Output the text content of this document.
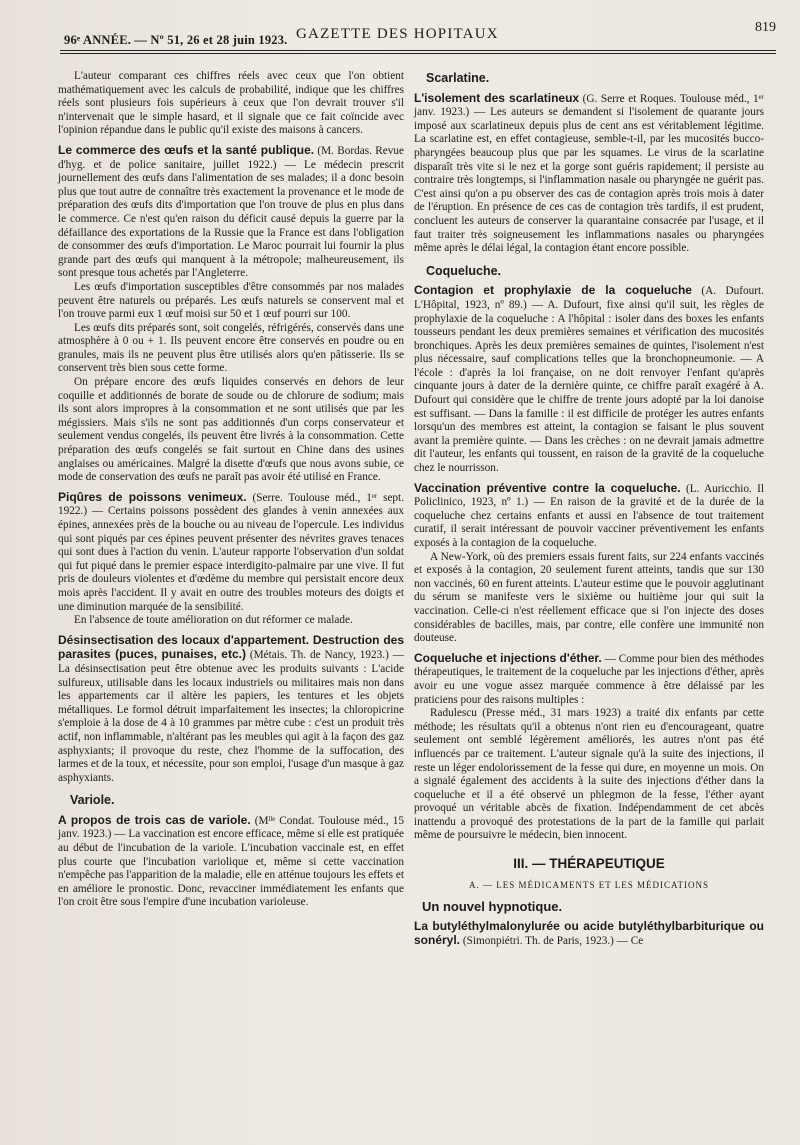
96ᵉ ANNÉE. — Nº 51, 26 et 28 juin 1923. GAZETTE DES HOPITAUX	819

L'auteur comparant ces chiffres réels avec ceux que l'on obtient mathématiquement avec les calculs de probabilité, indique que les chiffres réels sont plusieurs fois supérieurs à ceux que l'on devrait trouver s'il n'intervenait que le simple hasard, et il signale que ce fait coïncide avec l'opinion répandue dans le public qu'il existe des maisons à cancers.

Le commerce des œufs et la santé publique. (M. Bordas. Revue d'hyg. et de police sanitaire, juillet 1922.) — Le médecin prescrit journellement des œufs dans l'alimentation de ses malades; il a donc besoin plus que tout autre de connaître très exactement la provenance et le mode de préparation des œufs dits d'importation que l'on trouve de plus en plus dans le commerce. Ce n'est qu'en raison du déficit causé depuis la guerre par la défaillance des exportations de la Russie que la France est dans l'obligation de consommer des œufs d'importation. Le Maroc pourrait lui fournir la plus grande part des œufs qui manquent à la métropole; malheureusement, ils sont presque tous achetés par l'Angleterre.

Les œufs d'importation susceptibles d'être consommés par nos malades peuvent être naturels ou préparés. Les œufs naturels se conservent mal et l'on trouve parmi eux 1 œuf moisi sur 50 et 1 œuf pourri sur 100.

Les œufs dits préparés sont, soit congelés, réfrigérés, conservés dans une atmosphère à 0 ou + 1. Ils peuvent encore être conservés en poudre ou en granules, mais ils ne peuvent plus être utilisés alors qu'en pâtisserie. Ils se conservent très bien sous cette forme.

On prépare encore des œufs liquides conservés en dehors de leur coquille et additionnés de borate de soude ou de chlorure de sodium; mais ils sont alors impropres à la consommation et ne sont utilisés que par les mégissiers. Mais s'ils ne sont pas additionnés d'un corps conservateur et seulement vendus congelés, ils peuvent être livrés à la consommation. Cette préparation des œufs congelés se fait surtout en Chine dans des usines anglaises ou américaines. Malgré la disette d'œufs que nous avons subie, ce mode de conservation des œufs ne paraît pas avoir été utilisé en France.

Piqûres de poissons venimeux. (Serre. Toulouse méd., 1ᵉʳ sept. 1922.) — Certains poissons possèdent des glandes à venin annexées aux épines, annexées près de la bouche ou au niveau de l'opercule. Les individus qui sont piqués par ces épines peuvent présenter des névrites graves tenaces qui sont dues à l'action du venin. L'auteur rapporte l'observation d'un soldat qui fut piqué dans le premier espace interdigito-palmaire par une vive. Il fut pris de douleurs violentes et d'œdème du membre qui persistait encore deux mois après l'accident. Il y avait en outre des troubles moteurs des doigts et une diminution marquée de la sensibilité.

En l'absence de toute amélioration on dut réformer ce malade.

Désinsectisation des locaux d'appartement. Destruction des parasites (puces, punaises, etc.) (Métais. Th. de Nancy, 1923.) — La désinsectisation peut être obtenue avec les produits suivants : L'acide sulfureux, utilisable dans les locaux industriels ou militaires mais non dans les appartements car il altère les papiers, les tentures et les objets métalliques. Le formol détruit imparfaitement les insectes; la chloropicrine s'emploie à la dose de 4 à 10 grammes par mètre cube : c'est un produit très actif, non inflammable, n'altérant pas les meubles qui agit à la façon des gaz asphyxiants; il provoque du reste, chez l'homme de la suffocation, des larmes et de la toux, et nécessite, pour son emploi, l'usage d'un masque à gaz asphyxiants.

Variole.

A propos de trois cas de variole. (Mˡˡᵉ Condat. Toulouse méd., 15 janv. 1923.) — La vaccination est encore efficace, même si elle est pratiquée au début de l'incubation de la variole. L'incubation vaccinale est, en effet plus courte que l'incubation variolique et, même si cette vaccination n'empêche pas l'apparition de la maladie, elle en atténue toujours les effets et en améliore le pronostic. Donc, revacciner immédiatement les enfants que l'on croit être sous l'empire d'une incubation varioleuse.

Scarlatine.

L'isolement des scarlatineux (G. Serre et Roques. Toulouse méd., 1ᵉʳ janv. 1923.) — Les auteurs se demandent si l'isolement de quarante jours imposé aux scarlatineux depuis plus de cent ans est véritablement légitime. La scarlatine est, en effet contagieuse, semble-t-il, par les mucosités bucco-pharyngées beaucoup plus que par les squames. Le virus de la scarlatine disparaît très vite si le nez et la gorge sont guéris rapidement; il persiste au contraire très longtemps, si l'inflammation nasale ou pharyngée ne guérit pas. C'est ainsi qu'on a pu observer des cas de contagion après trois mois à dater de l'éruption. En présence de ces cas de contagion très tardifs, il est prudent, concluent les auteurs de conserver la quarantaine consacrée par l'usage, et il faut traiter très soigneusement les inflammations nasales ou pharyngées même après le délai légal, la contagion étant encore possible.

Coqueluche.

Contagion et prophylaxie de la coqueluche (A. Dufourt. L'Hôpital, 1923, nº 89.) — A. Dufourt, fixe ainsi qu'il suit, les règles de prophylaxie de la coqueluche : A l'hôpital : isoler dans des boxes les enfants tousseurs pendant les deux premières semaines et vérification des mucosités bronchiques. Après les deux premières semaines de quintes, l'isolement n'est plus nécessaire, sauf complications telles que la bronchopneumonie. — A l'école : d'après la loi française, on ne doit renvoyer l'enfant qu'après cinquante jours à dater de la dernière quinte, ce chiffre paraît exagéré à A. Dufourt qui considère que le chiffre de trente jours adopté par la loi danoise est suffisant. — Dans la famille : il est difficile de protéger les autres enfants lorsqu'un des membres est atteint, la contagion se faisant le plus souvent avant la première quinte. — Dans les crèches : on ne devrait jamais admettre dit l'auteur, les enfants qui toussent, en raison de la gravité de la coqueluche chez le nourrisson.

Vaccination préventive contre la coqueluche. (L. Auricchio. Il Policlinico, 1923, nº 1.) — En raison de la gravité et de la durée de la coqueluche chez certains enfants et aussi en l'absence de tout traitement curatif, il serait intéressant de pouvoir vacciner préventivement les enfants exposés à la contagion de la coqueluche.

A New-York, où des premiers essais furent faits, sur 224 enfants vaccinés et exposés à la contagion, 20 seulement furent atteints, tandis que sur 130 non vaccinés, 60 en furent atteints. L'auteur estime que le pouvoir agglutinant du sérum se manifeste vers le sixième ou huitième jour qui suit la vaccination. Celle-ci n'est réellement efficace que si l'on injecte des doses considérables de bacilles, mais, par contre, elle confère une immunité non douteuse.

Coqueluche et injections d'éther. — Comme pour bien des méthodes thérapeutiques, le traitement de la coqueluche par les injections d'éther, après avoir eu une vogue assez marquée commence à être délaissé par les praticiens pour des raisons multiples :

Radulescu (Presse méd., 31 mars 1923) a traité dix enfants par cette méthode; les résultats qu'il a obtenus n'ont rien eu d'encourageant, quatre seulement ont semblé légèrement améliorés, les autres n'ont pas été influencés par ce traitement. L'auteur signale qu'à la suite des injections, il reste un léger endolorissement de la fesse qui dure, en moyenne un mois. On a signalé également des accidents à la suite des injections d'éther dans la coqueluche et il a été observé un phlegmon de la fesse, l'éther ayant provoqué un véritable abcès de fixation. Indépendamment de cet abcès inattendu a provoqué des protestations de la part de la famille qui parlait même de poursuivre le médecin, bien innocent.

III. — THÉRAPEUTIQUE
A. — LES MÉDICAMENTS ET LES MÉDICATIONS
Un nouvel hypnotique.

La butyléthylmalonylurée ou acide butyléthylbarbiturique ou sonéryl. (Simonpiétri. Th. de Paris, 1923.) — Ce
